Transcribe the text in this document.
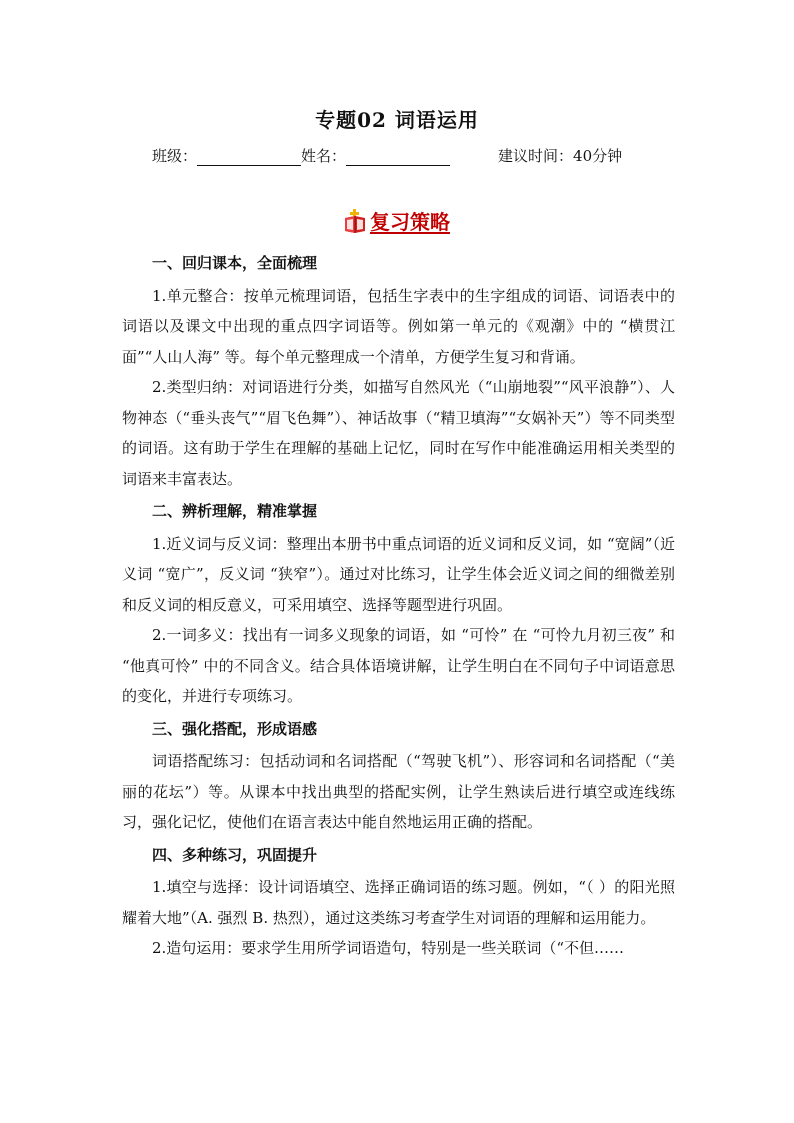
专题02 词语运用
班级：	姓名：	建议时间：40分钟
复习策略

一、回归课本，全面梳理

1.单元整合：按单元梳理词语，包括生字表中的生字组成的词语、词语表中的词语以及课文中出现的重点四字词语等。例如第一单元的《观潮》中的 “横贯江面”“人山人海” 等。每个单元整理成一个清单，方便学生复习和背诵。

2.类型归纳：对词语进行分类，如描写自然风光（“山崩地裂”“风平浪静”）、人物神态（“垂头丧气”“眉飞色舞”）、神话故事（“精卫填海”“女娲补天”）等不同类型的词语。这有助于学生在理解的基础上记忆，同时在写作中能准确运用相关类型的词语来丰富表达。

二、辨析理解，精准掌握

1.近义词与反义词：整理出本册书中重点词语的近义词和反义词，如 “宽阔”（近义词 “宽广”，反义词 “狭窄”）。通过对比练习，让学生体会近义词之间的细微差别和反义词的相反意义，可采用填空、选择等题型进行巩固。

2.一词多义：找出有一词多义现象的词语，如 “可怜” 在 “可怜九月初三夜” 和 “他真可怜” 中的不同含义。结合具体语境讲解，让学生明白在不同句子中词语意思的变化，并进行专项练习。

三、强化搭配，形成语感

词语搭配练习：包括动词和名词搭配（“驾驶飞机”）、形容词和名词搭配（“美丽的花坛”）等。从课本中找出典型的搭配实例，让学生熟读后进行填空或连线练习，强化记忆，使他们在语言表达中能自然地运用正确的搭配。

四、多种练习，巩固提升

1.填空与选择：设计词语填空、选择正确词语的练习题。例如，“（ ）的阳光照耀着大地”（A. 强烈 B. 热烈），通过这类练习考查学生对词语的理解和运用能力。

2.造句运用：要求学生用所学词语造句，特别是一些关联词（“不但……
